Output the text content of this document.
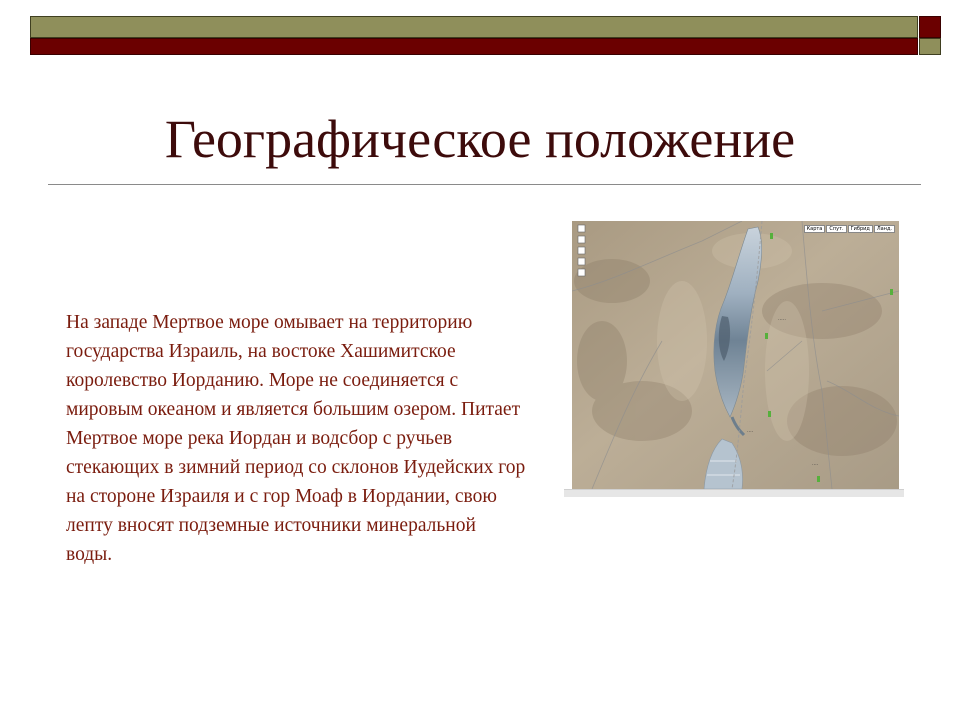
Географическое положение

На западе Мертвое море омывает на территорию государства Израиль, на востоке Хашимитское королевство Иорданию. Море не соединяется с мировым океаном и является большим озером. Питает Мертвое море река Иордан и водсбор с ручьев стекающих в зимний период со склонов Иудейских гор на стороне Израиля и с гор Моаф в Иордании, свою лепту вносят подземные источники минеральной воды.

·····
····
····
Карта	Спут.	Гибрид	Ланд.
